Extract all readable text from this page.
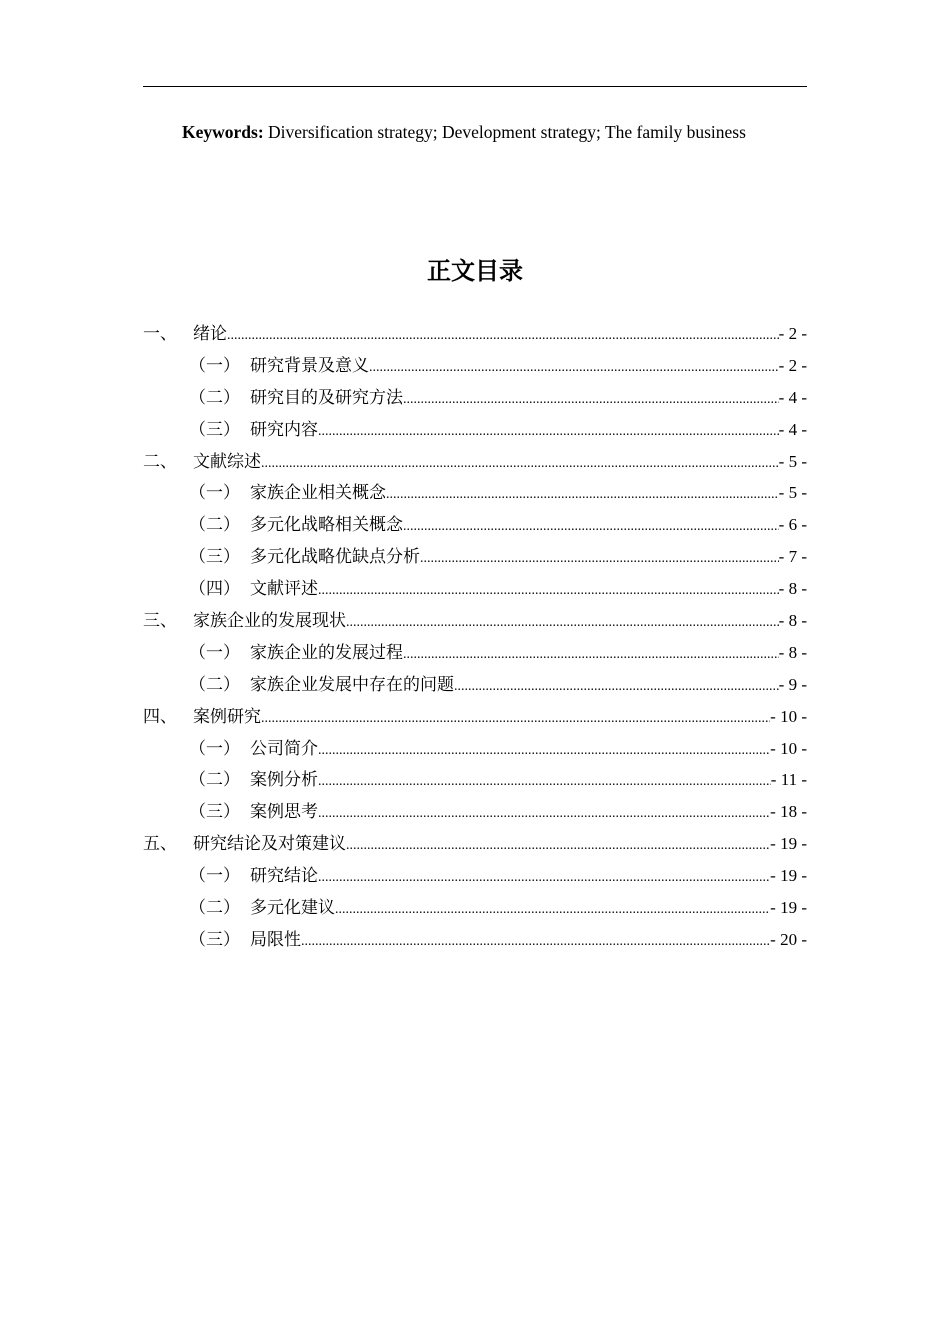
Keywords: Diversification strategy; Development strategy; The family business
正文目录
一、 绪论 .....	- 2 -
（一） 研究背景及意义 .....	- 2 -
（二） 研究目的及研究方法 .....	- 4 -
（三） 研究内容 .....	- 4 -
二、 文献综述 .....	- 5 -
（一） 家族企业相关概念 .....	- 5 -
（二） 多元化战略相关概念 .....	- 6 -
（三） 多元化战略优缺点分析 .....	- 7 -
（四） 文献评述 .....	- 8 -
三、 家族企业的发展现状 .....	- 8 -
（一） 家族企业的发展过程 .....	- 8 -
（二） 家族企业发展中存在的问题 .....	- 9 -
四、 案例研究 .....	- 10 -
（一） 公司简介 .....	- 10 -
（二） 案例分析 .....	- 11 -
（三） 案例思考 .....	- 18 -
五、 研究结论及对策建议 .....	- 19 -
（一） 研究结论 .....	- 19 -
（二） 多元化建议 .....	- 19 -
（三） 局限性 .....	- 20 -
